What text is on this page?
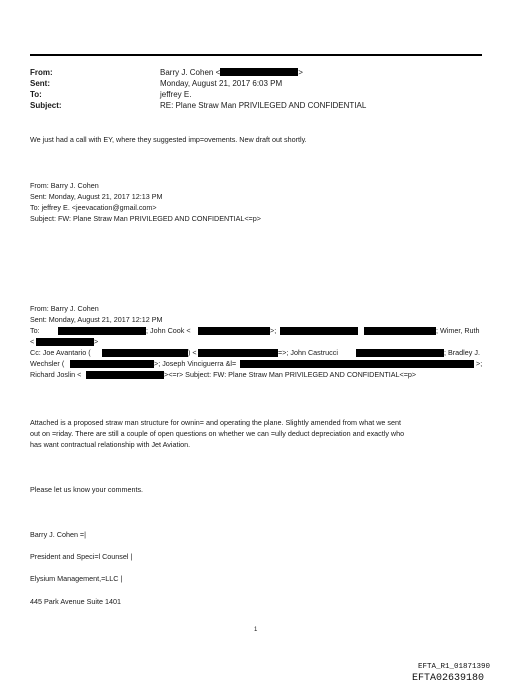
From:	Barry J. Cohen <	>
Sent:	Monday, August 21, 2017 6:03 PM
To:	jeffrey E.
Subject:	RE: Plane Straw Man PRIVILEGED AND CONFIDENTIAL
We just had a call with EY, where they suggested imp=ovements. New draft out shortly.
From: Barry J. Cohen
Sent: Monday, August 21, 2017 12:13 PM
To: jeffrey E. <jeevacation@gmail.com>
Subject: FW: Plane Straw Man PRIVILEGED AND CONFIDENTIAL<=p>
From: Barry J. Cohen
Sent: Monday, August 21, 2017 12:12 PM
To:	; John Cook <	>;	; Wimer, Ruth
<	>
Cc: Joe Avantario (	) <	=>; John Castrucci	; Bradley J.
Wechsler (	>; Joseph Vinciguerra &l=	>;
Richard Joslin <	><=r> Subject: FW: Plane Straw Man PRIVILEGED AND CONFIDENTIAL<=p>
Attached is a proposed straw man structure for ownin= and operating the plane. Slightly amended from what we sent
out on =riday. There are still a couple of open questions on whether we can =ully deduct depreciation and exactly who
has want contractual relationship with Jet Aviation.
Please let us know your comments.
Barry J. Cohen =|
President and Speci=l Counsel |
Elysium Management,=LLC |
445 Park Avenue Suite 1401
1
EFTA_R1_01871390
EFTA02639180
